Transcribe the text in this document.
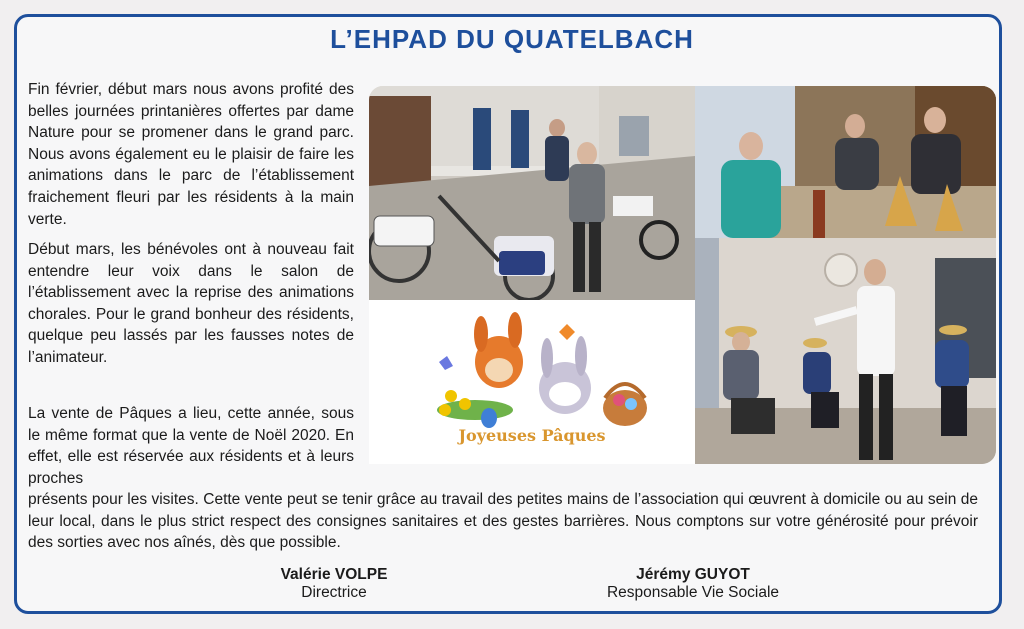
L’EHPAD DU QUATELBACH
Fin février, début mars nous avons profité des belles journées printanières offertes par dame Nature pour se promener dans le grand parc. Nous avons également eu le plaisir de faire les animations dans le parc de l’établissement fraichement fleuri par les résidents à la main verte.
Début mars, les bénévoles ont à nouveau fait entendre leur voix dans le salon de l’établissement avec la reprise des animations chorales. Pour le grand bonheur des résidents, quelque peu lassés par les fausses notes de l’animateur.
La vente de Pâques a lieu, cette année, sous le même format que la vente de Noël 2020. En effet, elle est réservée aux résidents et à leurs proches
présents pour les visites. Cette vente peut se tenir grâce au travail des petites mains de l’association qui œuvrent à domicile ou au sein de leur local, dans le plus strict respect des consignes sanitaires et des gestes barrières. Nous comptons sur votre générosité pour prévoir des sorties avec nos aînés, dès que possible.
Joyeuses Pâques
Valérie VOLPE
Directrice
Jérémy GUYOT
Responsable Vie Sociale
